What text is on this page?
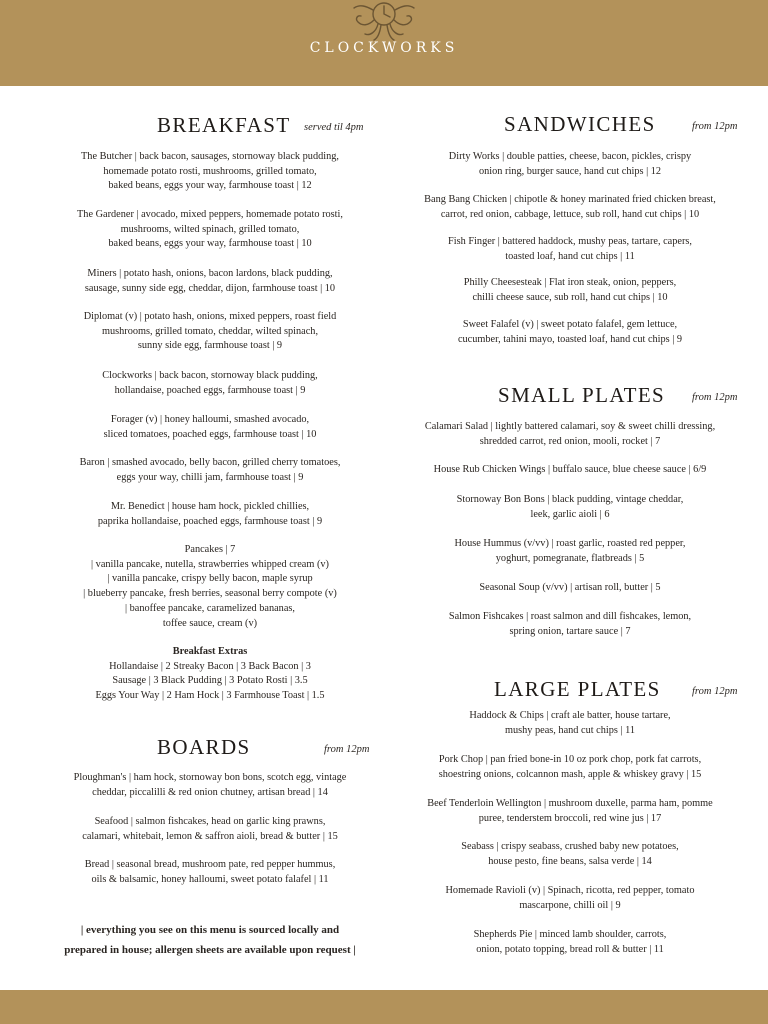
CLOCKWORKS
BREAKFAST served til 4pm
The Butcher | back bacon, sausages, stornoway black pudding,
homemade potato rosti, mushrooms, grilled tomato,
baked beans, eggs your way, farmhouse toast | 12
The Gardener | avocado, mixed peppers, homemade potato rosti,
mushrooms, wilted spinach, grilled tomato,
baked beans, eggs your way, farmhouse toast | 10
Miners | potato hash, onions, bacon lardons, black pudding,
sausage, sunny side egg, cheddar, dijon, farmhouse toast | 10
Diplomat (v) | potato hash, onions, mixed peppers, roast field
mushrooms, grilled tomato, cheddar, wilted spinach,
sunny side egg, farmhouse toast | 9
Clockworks | back bacon, stornoway black pudding,
hollandaise, poached eggs, farmhouse toast | 9
Forager (v) | honey halloumi, smashed avocado,
sliced tomatoes, poached eggs, farmhouse toast | 10
Baron | smashed avocado, belly bacon, grilled cherry tomatoes,
eggs your way, chilli jam, farmhouse toast | 9
Mr. Benedict | house ham hock, pickled chillies,
paprika hollandaise, poached eggs, farmhouse toast | 9
Pancakes | 7
| vanilla pancake, nutella, strawberries whipped cream (v)
| vanilla pancake, crispy belly bacon, maple syrup
| blueberry pancake, fresh berries, seasonal berry compote (v)
| banoffee pancake, caramelized bananas,
toffee sauce, cream (v)
Breakfast Extras
Hollandaise | 2 Streaky Bacon | 3 Back Bacon | 3
Sausage | 3 Black Pudding | 3 Potato Rosti | 3.5
Eggs Your Way | 2 Ham Hock | 3 Farmhouse Toast | 1.5
BOARDS	from 12pm
Ploughman's | ham hock, stornoway bon bons, scotch egg, vintage
cheddar, piccalilli & red onion chutney, artisan bread | 14
Seafood | salmon fishcakes, head on garlic king prawns,
calamari, whitebait, lemon & saffron aioli, bread & butter | 15
Bread | seasonal bread, mushroom pate, red pepper hummus,
oils & balsamic, honey halloumi, sweet potato falafel | 11
| everything you see on this menu is sourced locally and
prepared in house; allergen sheets are available upon request |
SANDWICHES	from 12pm
Dirty Works | double patties, cheese, bacon, pickles, crispy
onion ring, burger sauce, hand cut chips | 12
Bang Bang Chicken | chipotle & honey marinated fried chicken breast,
carrot, red onion, cabbage, lettuce, sub roll, hand cut chips | 10
Fish Finger | battered haddock, mushy peas, tartare, capers,
toasted loaf, hand cut chips | 11
Philly Cheesesteak | Flat iron steak, onion, peppers,
chilli cheese sauce, sub roll, hand cut chips | 10
Sweet Falafel (v) | sweet potato falafel, gem lettuce,
cucumber, tahini mayo, toasted loaf, hand cut chips | 9
SMALL PLATES	from 12pm
Calamari Salad | lightly battered calamari, soy & sweet chilli dressing,
shredded carrot, red onion, mooli, rocket | 7
House Rub Chicken Wings | buffalo sauce, blue cheese sauce | 6/9
Stornoway Bon Bons | black pudding, vintage cheddar,
leek, garlic aioli | 6
House Hummus (v/vv) | roast garlic, roasted red pepper,
yoghurt, pomegranate, flatbreads | 5
Seasonal Soup (v/vv) | artisan roll, butter | 5
Salmon Fishcakes | roast salmon and dill fishcakes, lemon,
spring onion, tartare sauce | 7
LARGE PLATES	from 12pm
Haddock & Chips | craft ale batter, house tartare,
mushy peas, hand cut chips | 11
Pork Chop | pan fried bone-in 10 oz pork chop, pork fat carrots,
shoestring onions, colcannon mash, apple & whiskey gravy | 15
Beef Tenderloin Wellington | mushroom duxelle, parma ham, pomme
puree, tenderstem broccoli, red wine jus | 17
Seabass | crispy seabass, crushed baby new potatoes,
house pesto, fine beans, salsa verde | 14
Homemade Ravioli (v) | Spinach, ricotta, red pepper, tomato
mascarpone, chilli oil | 9
Shepherds Pie | minced lamb shoulder, carrots,
onion, potato topping, bread roll & butter | 11
